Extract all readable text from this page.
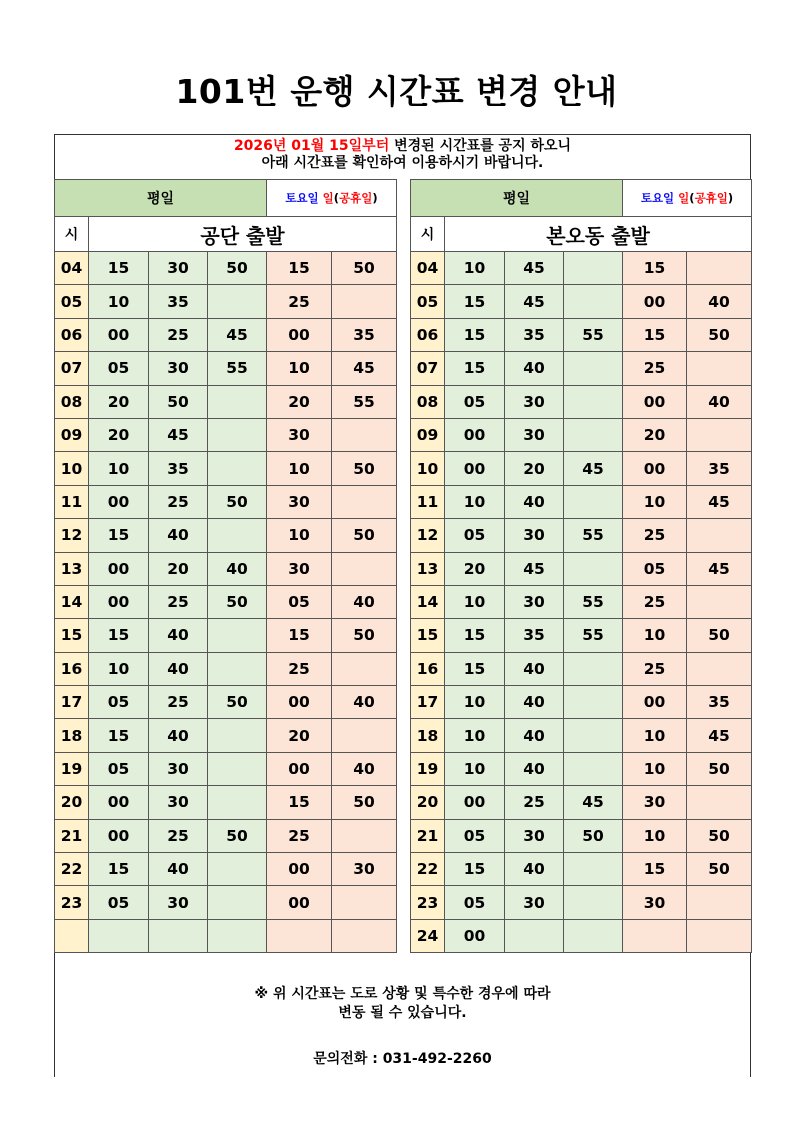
101번 운행 시간표 변경 안내
2026년 01월 15일부터 변경된 시간표를 공지 하오니
아래 시간표를 확인하여 이용하시기 바랍니다.
평일				토요일 일(공휴일)	
시	공단 출발				
04	15	30	50	15	50
05	10	35		25	
06	00	25	45	00	35
07	05	30	55	10	45
08	20	50		20	55
09	20	45		30	
10	10	35		10	50
11	00	25	50	30	
12	15	40		10	50
13	00	20	40	30	
14	00	25	50	05	40
15	15	40		15	50
16	10	40		25	
17	05	25	50	00	40
18	15	40		20	
19	05	30		00	40
20	00	30		15	50
21	00	25	50	25	
22	15	40		00	30
23	05	30		00	

평일				토요일 일(공휴일)	
시	본오동 출발				
04	10	45		15	
05	15	45		00	40
06	15	35	55	15	50
07	15	40		25	
08	05	30		00	40
09	00	30		20	
10	00	20	45	00	35
11	10	40		10	45
12	05	30	55	25	
13	20	45		05	45
14	10	30	55	25	
15	15	35	55	10	50
16	15	40		25	
17	10	40		00	35
18	10	40		10	45
19	10	40		10	50
20	00	25	45	30	
21	05	30	50	10	50
22	15	40		15	50
23	05	30		30	
24	00				
※ 위 시간표는 도로 상황 및 특수한 경우에 따라
변동 될 수 있습니다.
문의전화 : 031-492-2260
